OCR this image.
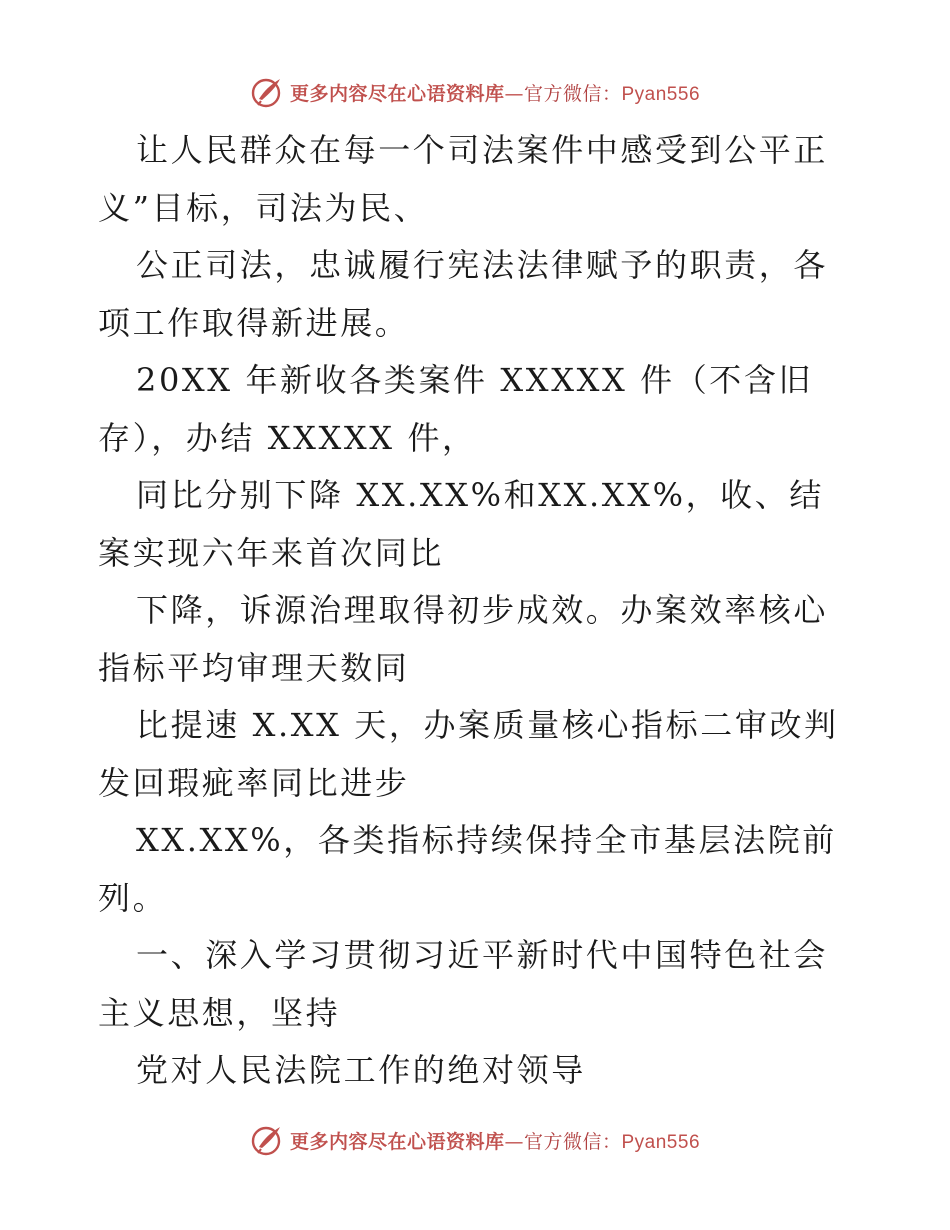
更多内容尽在心语资料库—官方微信：Pyan556

让人民群众在每一个司法案件中感受到公平正义”目标，司法为民、

公正司法，忠诚履行宪法法律赋予的职责，各项工作取得新进展。

20XX 年新收各类案件 XXXXX 件（不含旧存），办结 XXXXX 件，

同比分别下降 XX.XX%和XX.XX%，收、结案实现六年来首次同比

下降，诉源治理取得初步成效。办案效率核心指标平均审理天数同

比提速 X.XX 天，办案质量核心指标二审改判发回瑕疵率同比进步

XX.XX%，各类指标持续保持全市基层法院前列。

一、深入学习贯彻习近平新时代中国特色社会主义思想，坚持

党对人民法院工作的绝对领导

更多内容尽在心语资料库—官方微信：Pyan556
